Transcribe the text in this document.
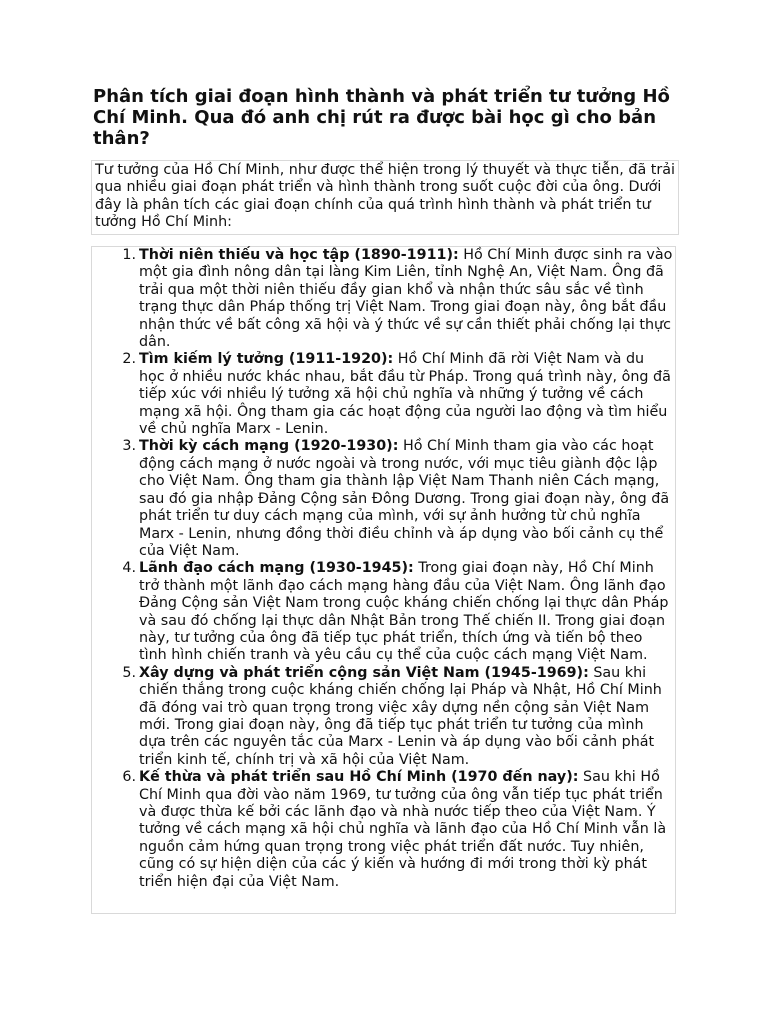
Phân tích giai đoạn hình thành và phát triển tư tưởng Hồ Chí Minh. Qua đó anh chị rút ra được bài học gì cho bản thân?

Tư tưởng của Hồ Chí Minh, như được thể hiện trong lý thuyết và thực tiễn, đã trải qua nhiều giai đoạn phát triển và hình thành trong suốt cuộc đời của ông. Dưới đây là phân tích các giai đoạn chính của quá trình hình thành và phát triển tư tưởng Hồ Chí Minh:

1. Thời niên thiếu và học tập (1890-1911): Hồ Chí Minh được sinh ra vào một gia đình nông dân tại làng Kim Liên, tỉnh Nghệ An, Việt Nam. Ông đã trải qua một thời niên thiếu đầy gian khổ và nhận thức sâu sắc về tình trạng thực dân Pháp thống trị Việt Nam. Trong giai đoạn này, ông bắt đầu nhận thức về bất công xã hội và ý thức về sự cần thiết phải chống lại thực dân.
2. Tìm kiếm lý tưởng (1911-1920): Hồ Chí Minh đã rời Việt Nam và du học ở nhiều nước khác nhau, bắt đầu từ Pháp. Trong quá trình này, ông đã tiếp xúc với nhiều lý tưởng xã hội chủ nghĩa và những ý tưởng về cách mạng xã hội. Ông tham gia các hoạt động của người lao động và tìm hiểu về chủ nghĩa Marx - Lenin.
3. Thời kỳ cách mạng (1920-1930): Hồ Chí Minh tham gia vào các hoạt động cách mạng ở nước ngoài và trong nước, với mục tiêu giành độc lập cho Việt Nam. Ông tham gia thành lập Việt Nam Thanh niên Cách mạng, sau đó gia nhập Đảng Cộng sản Đông Dương. Trong giai đoạn này, ông đã phát triển tư duy cách mạng của mình, với sự ảnh hưởng từ chủ nghĩa Marx - Lenin, nhưng đồng thời điều chỉnh và áp dụng vào bối cảnh cụ thể của Việt Nam.
4. Lãnh đạo cách mạng (1930-1945): Trong giai đoạn này, Hồ Chí Minh trở thành một lãnh đạo cách mạng hàng đầu của Việt Nam. Ông lãnh đạo Đảng Cộng sản Việt Nam trong cuộc kháng chiến chống lại thực dân Pháp và sau đó chống lại thực dân Nhật Bản trong Thế chiến II. Trong giai đoạn này, tư tưởng của ông đã tiếp tục phát triển, thích ứng và tiến bộ theo tình hình chiến tranh và yêu cầu cụ thể của cuộc cách mạng Việt Nam.
5. Xây dựng và phát triển cộng sản Việt Nam (1945-1969): Sau khi chiến thắng trong cuộc kháng chiến chống lại Pháp và Nhật, Hồ Chí Minh đã đóng vai trò quan trọng trong việc xây dựng nền cộng sản Việt Nam mới. Trong giai đoạn này, ông đã tiếp tục phát triển tư tưởng của mình dựa trên các nguyên tắc của Marx - Lenin và áp dụng vào bối cảnh phát triển kinh tế, chính trị và xã hội của Việt Nam.
6. Kế thừa và phát triển sau Hồ Chí Minh (1970 đến nay): Sau khi Hồ Chí Minh qua đời vào năm 1969, tư tưởng của ông vẫn tiếp tục phát triển và được thừa kế bởi các lãnh đạo và nhà nước tiếp theo của Việt Nam. Ý tưởng về cách mạng xã hội chủ nghĩa và lãnh đạo của Hồ Chí Minh vẫn là nguồn cảm hứng quan trọng trong việc phát triển đất nước. Tuy nhiên, cũng có sự hiện diện của các ý kiến và hướng đi mới trong thời kỳ phát triển hiện đại của Việt Nam.
